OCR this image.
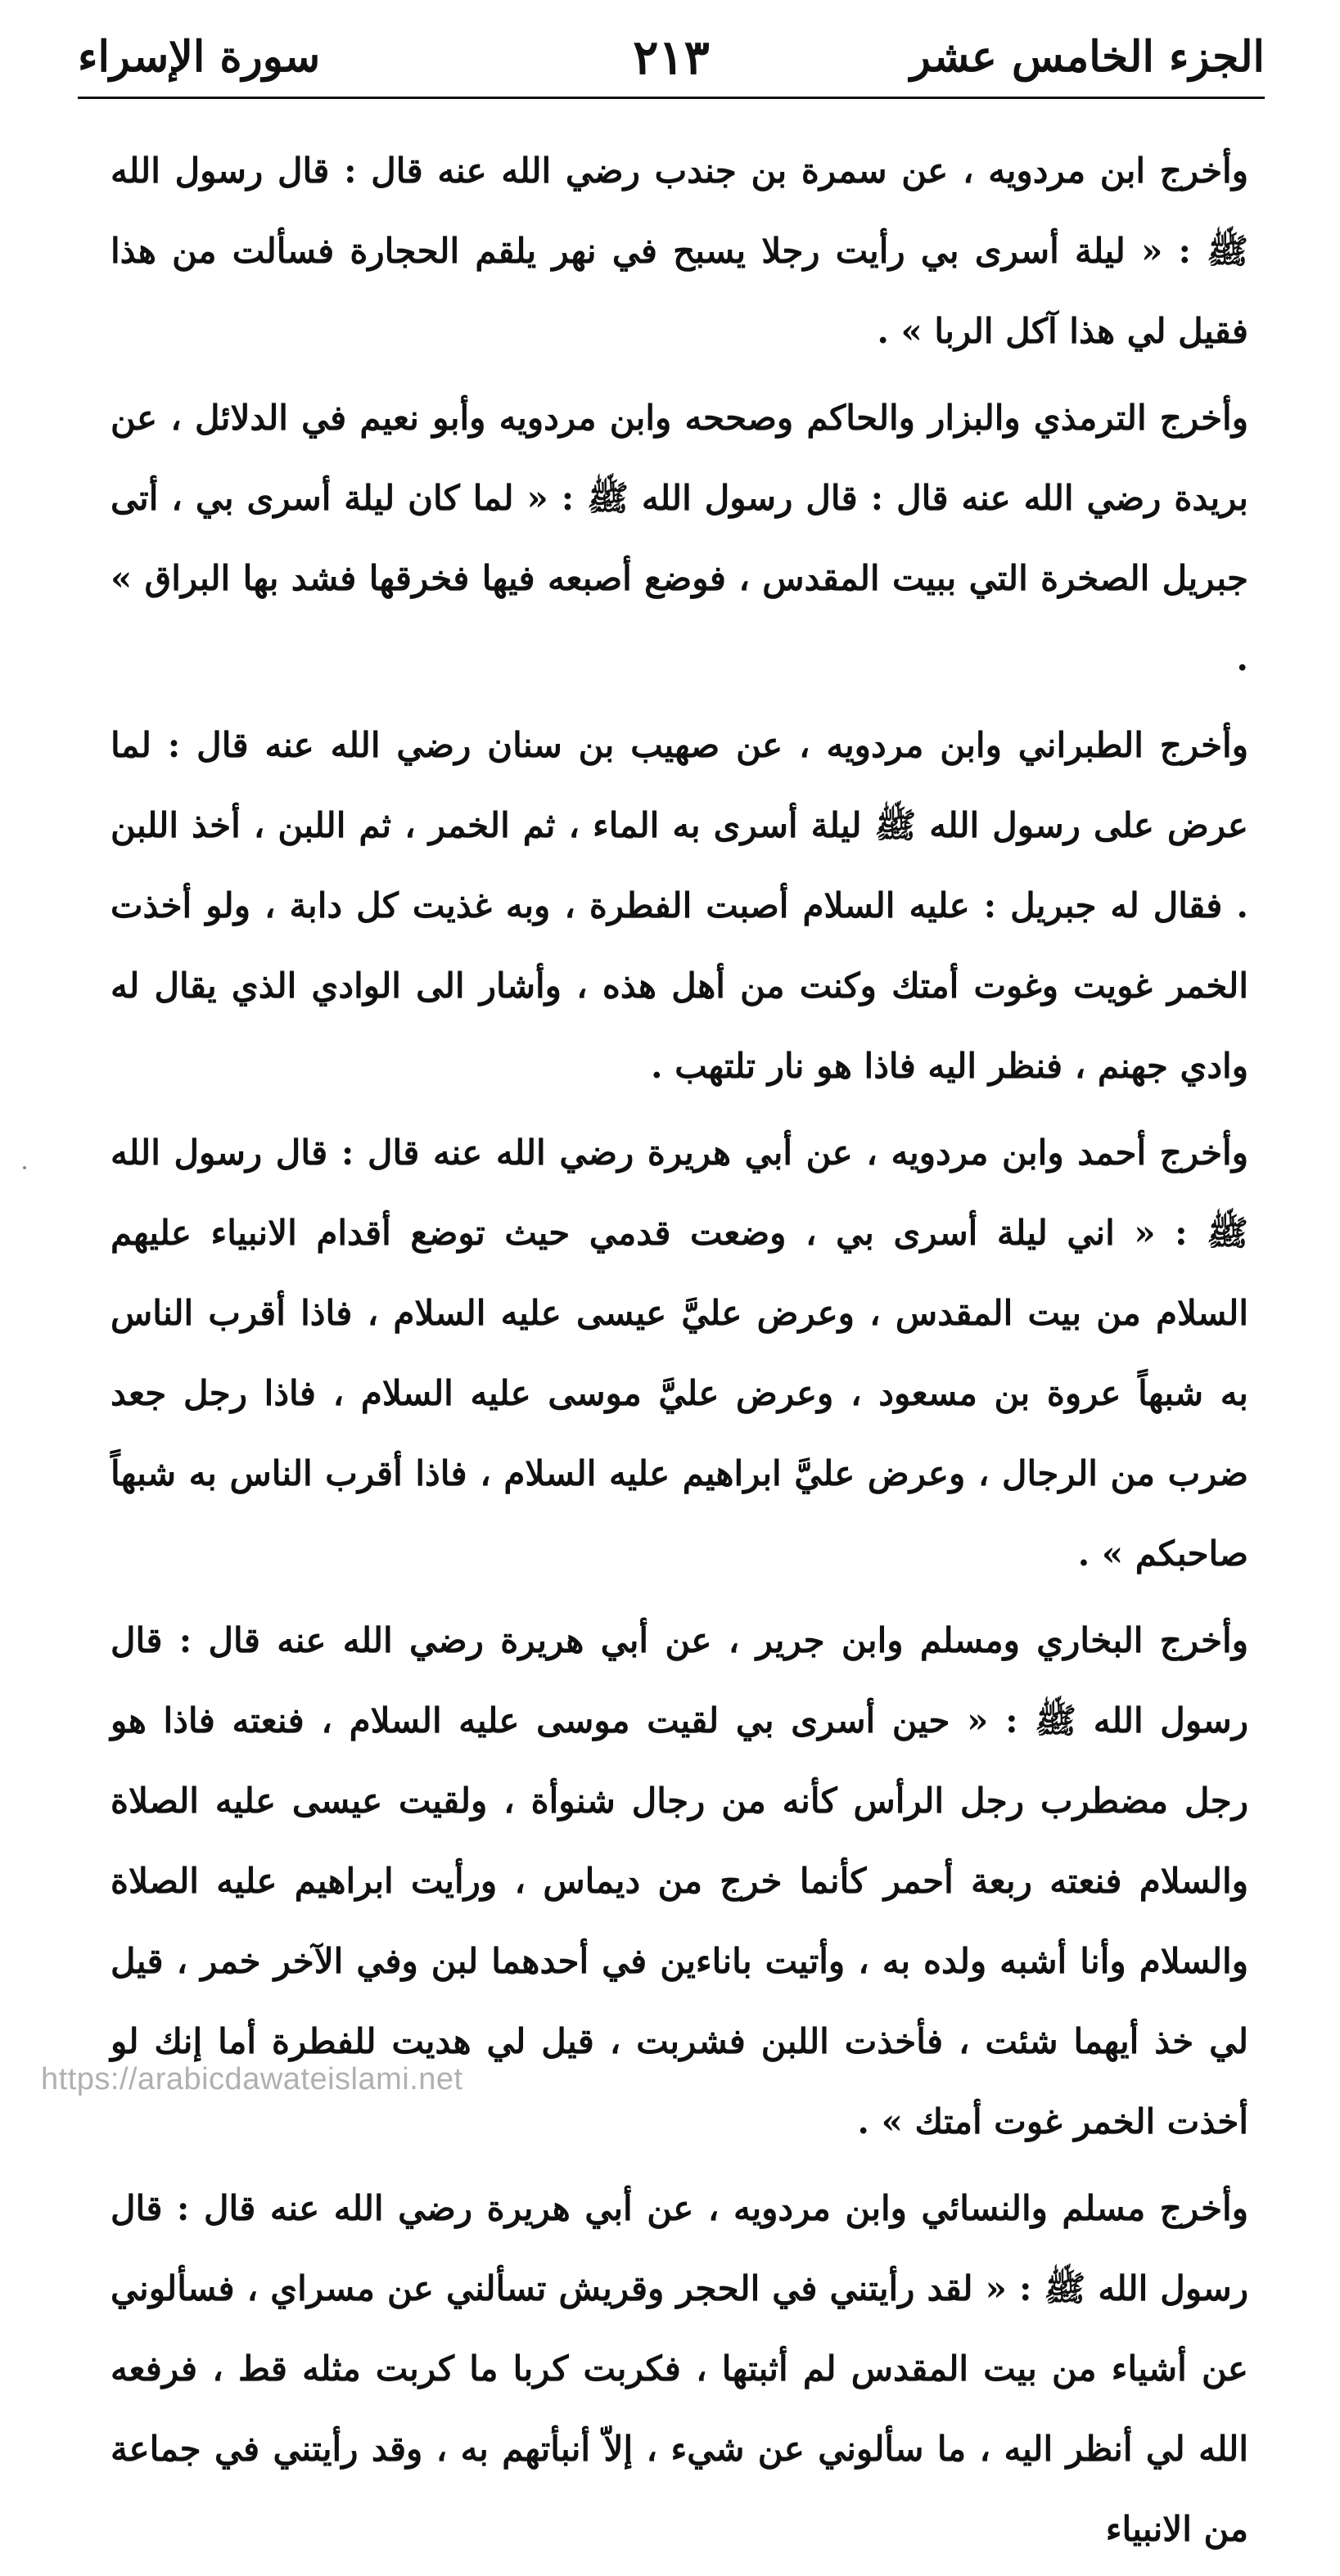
الجزء الخامس عشر
٢١٣
سورة الإسراء

وأخرج ابن مردويه ، عن سمرة بن جندب رضي الله عنه قال : قال رسول الله ﷺ : « ليلة أسرى بي رأيت رجلا يسبح في نهر يلقم الحجارة فسألت من هذا فقيل لي هذا آكل الربا » .

وأخرج الترمذي والبزار والحاكم وصححه وابن مردويه وأبو نعيم في الدلائل ، عن بريدة رضي الله عنه قال : قال رسول الله ﷺ : « لما كان ليلة أسرى بي ، أتى جبريل الصخرة التي ببيت المقدس ، فوضع أصبعه فيها فخرقها فشد بها البراق » .

وأخرج الطبراني وابن مردويه ، عن صهيب بن سنان رضي الله عنه قال : لما عرض على رسول الله ﷺ ليلة أسرى به الماء ، ثم الخمر ، ثم اللبن ، أخذ اللبن . فقال له جبريل : عليه السلام أصبت الفطرة ، وبه غذيت كل دابة ، ولو أخذت الخمر غويت وغوت أمتك وكنت من أهل هذه ، وأشار الى الوادي الذي يقال له وادي جهنم ، فنظر اليه فاذا هو نار تلتهب .

وأخرج أحمد وابن مردويه ، عن أبي هريرة رضي الله عنه قال : قال رسول الله ﷺ : « اني ليلة أسرى بي ، وضعت قدمي حيث توضع أقدام الانبياء عليهم السلام من بيت المقدس ، وعرض عليَّ عيسى عليه السلام ، فاذا أقرب الناس به شبهاً عروة بن مسعود ، وعرض عليَّ موسى عليه السلام ، فاذا رجل جعد ضرب من الرجال ، وعرض عليَّ ابراهيم عليه السلام ، فاذا أقرب الناس به شبهاً صاحبكم » .

وأخرج البخاري ومسلم وابن جرير ، عن أبي هريرة رضي الله عنه قال : قال رسول الله ﷺ : « حين أسرى بي لقيت موسى عليه السلام ، فنعته فاذا هو رجل مضطرب رجل الرأس كأنه من رجال شنوأة ، ولقيت عيسى عليه الصلاة والسلام فنعته ربعة أحمر كأنما خرج من ديماس ، ورأيت ابراهيم عليه الصلاة والسلام وأنا أشبه ولده به ، وأتيت باناءين في أحدهما لبن وفي الآخر خمر ، قيل لي خذ أيهما شئت ، فأخذت اللبن فشربت ، قيل لي هديت للفطرة أما إنك لو أخذت الخمر غوت أمتك » .

وأخرج مسلم والنسائي وابن مردويه ، عن أبي هريرة رضي الله عنه قال : قال رسول الله ﷺ : « لقد رأيتني في الحجر وقريش تسألني عن مسراي ، فسألوني عن أشياء من بيت المقدس لم أثبتها ، فكربت كربا ما كربت مثله قط ، فرفعه الله لي أنظر اليه ، ما سألوني عن شيء ، إلاّ أنبأتهم به ، وقد رأيتني في جماعة من الانبياء

https://arabicdawateislami.net
